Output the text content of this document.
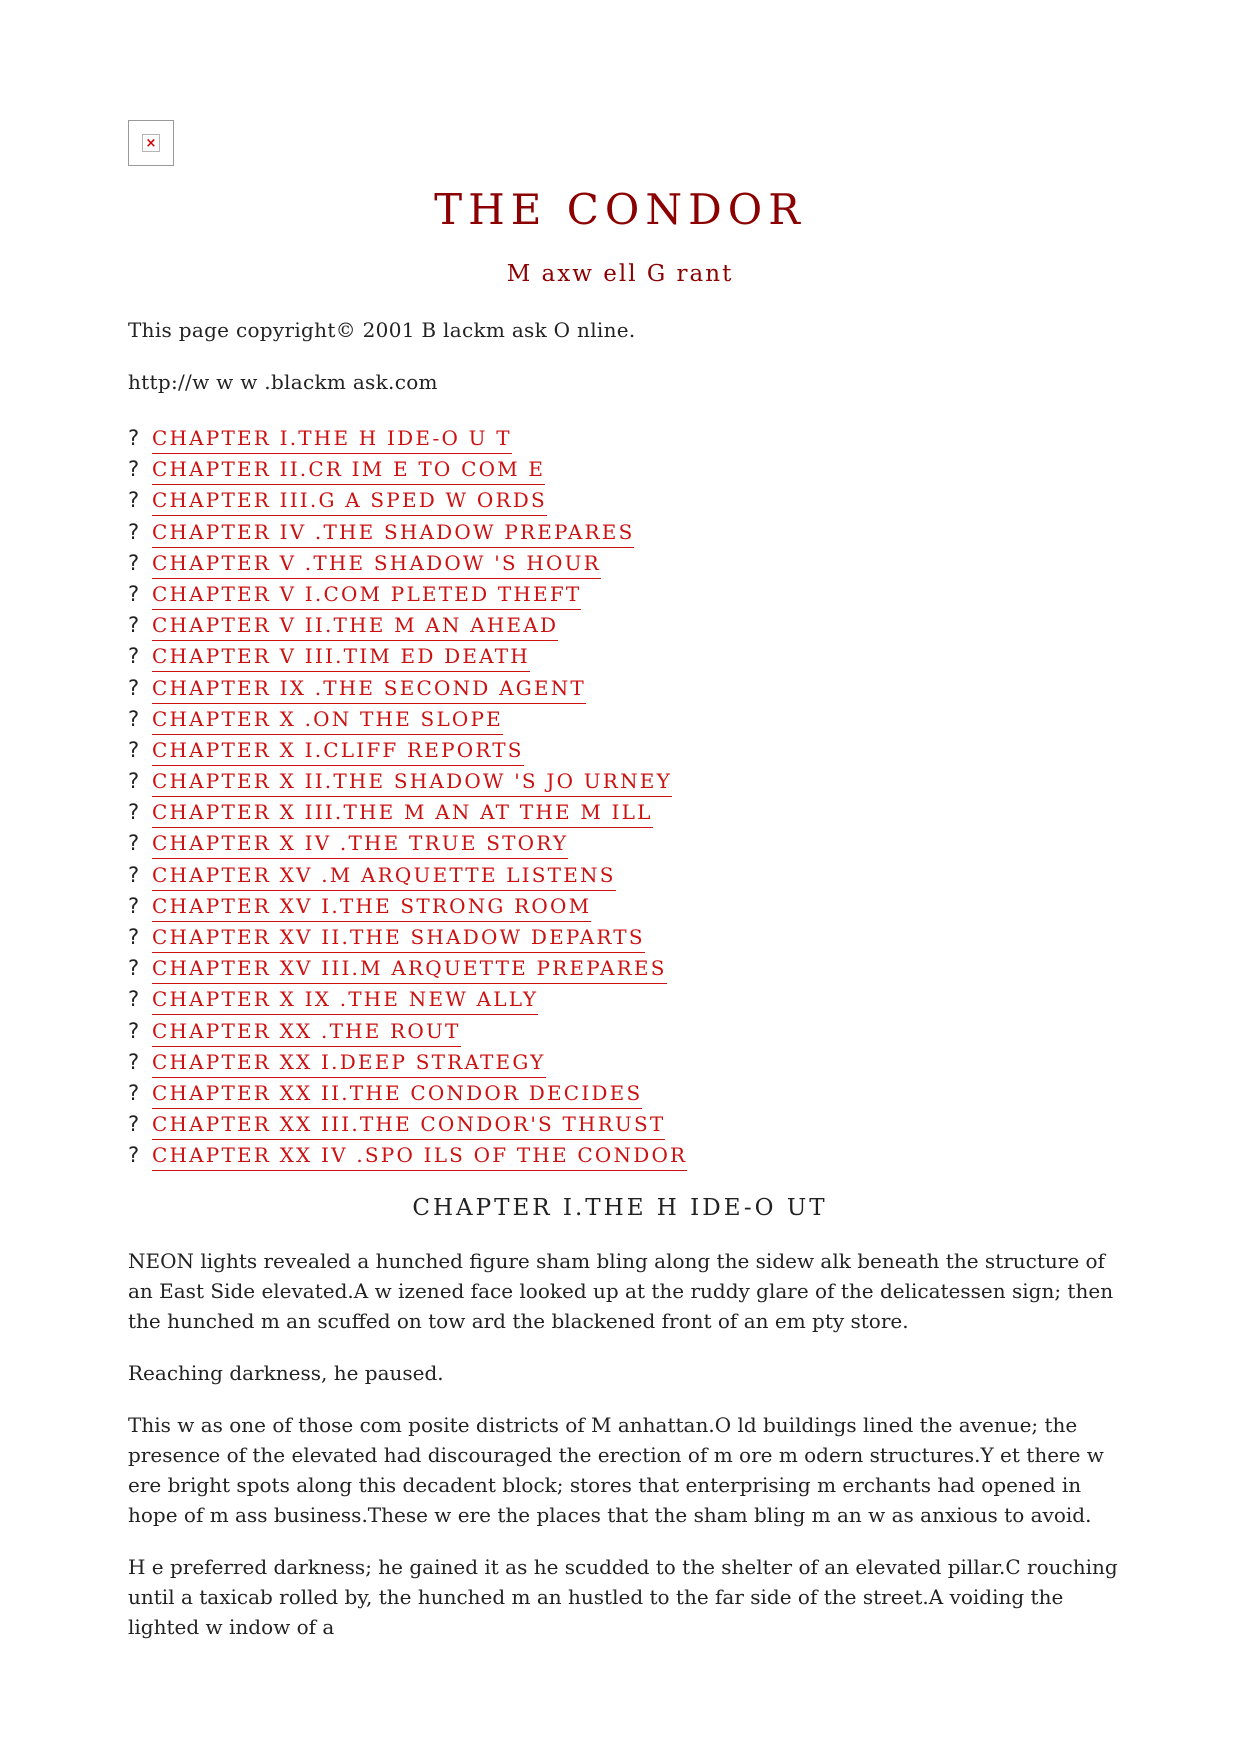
×
THE CONDOR
M axw ell G rant
This page copyright© 2001 B lackm ask O nline.
http://w w w .blackm ask.com
? CHAPTER I.THE H IDE-O U T
? CHAPTER II.CR IM E TO COM E
? CHAPTER III.G A SPED W ORDS
? CHAPTER IV .THE SHADOW PREPARES
? CHAPTER V .THE SHADOW 'S HOUR
? CHAPTER V I.COM PLETED THEFT
? CHAPTER V II.THE M AN AHEAD
? CHAPTER V III.TIM ED DEATH
? CHAPTER IX .THE SECOND AGENT
? CHAPTER X .ON THE SLOPE
? CHAPTER X I.CLIFF REPORTS
? CHAPTER X II.THE SHADOW 'S JO URNEY
? CHAPTER X III.THE M AN AT THE M ILL
? CHAPTER X IV .THE TRUE STORY
? CHAPTER XV .M ARQUETTE LISTENS
? CHAPTER XV I.THE STRONG ROOM
? CHAPTER XV II.THE SHADOW DEPARTS
? CHAPTER XV III.M ARQUETTE PREPARES
? CHAPTER X IX .THE NEW ALLY
? CHAPTER XX .THE ROUT
? CHAPTER XX I.DEEP STRATEGY
? CHAPTER XX II.THE CONDOR DECIDES
? CHAPTER XX III.THE CONDOR'S THRUST
? CHAPTER XX IV .SPO ILS OF THE CONDOR
CHAPTER I.THE H IDE-O UT

NEON lights revealed a hunched figure sham bling along the sidew alk beneath the structure of an East Side elevated.A w izened face looked up at the ruddy glare of the delicatessen sign; then the hunched m an scuffed on tow ard the blackened front of an em pty store.

Reaching darkness, he paused.

This w as one of those com posite districts of M anhattan.O ld buildings lined the avenue; the presence of the elevated had discouraged the erection of m ore m odern structures.Y et there w ere bright spots along this decadent block; stores that enterprising m erchants had opened in hope of m ass business.These w ere the places that the sham bling m an w as anxious to avoid.

H e preferred darkness; he gained it as he scudded to the shelter of an elevated pillar.C rouching until a taxicab rolled by, the hunched m an hustled to the far side of the street.A voiding the lighted w indow of a
